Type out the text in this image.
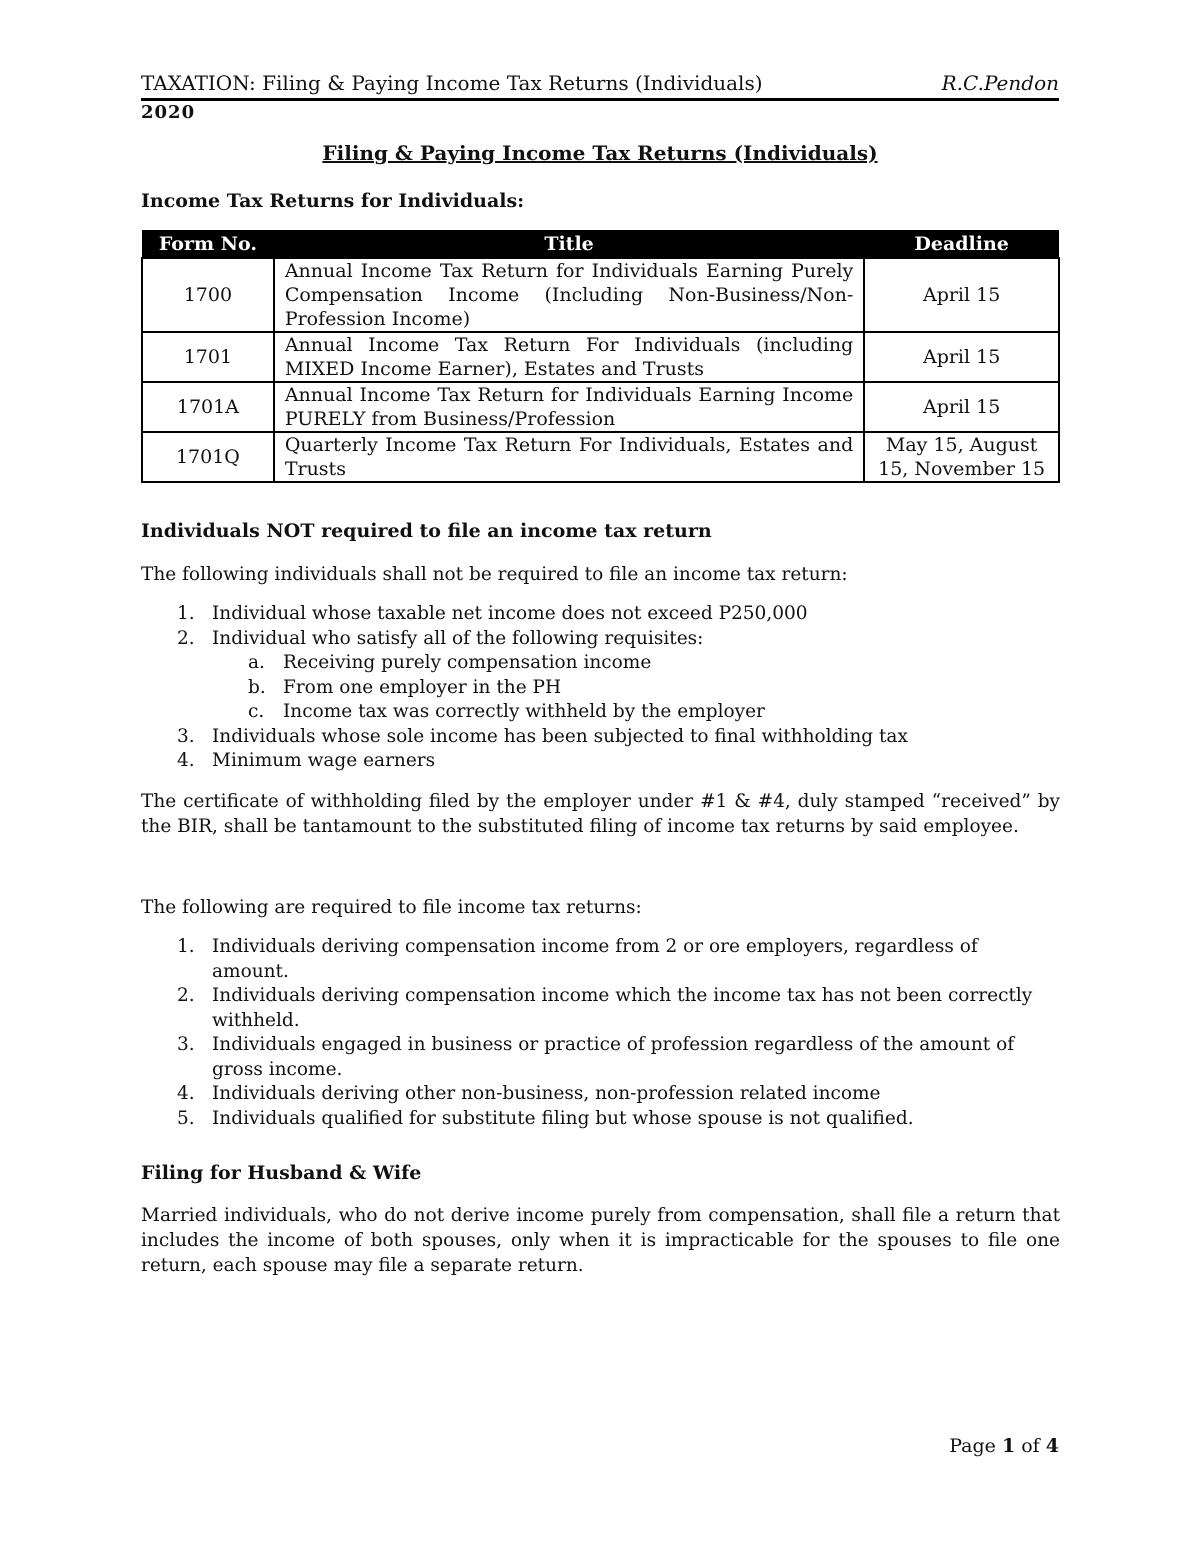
TAXATION: Filing & Paying Income Tax Returns (Individuals)	R.C.Pendon
2020
Filing & Paying Income Tax Returns (Individuals)
Income Tax Returns for Individuals:
Form No.	Title	Deadline
1700	Annual Income Tax Return for Individuals Earning Purely Compensation Income (Including Non-Business/Non-Profession Income)	April 15
1701	Annual Income Tax Return For Individuals (including MIXED Income Earner), Estates and Trusts	April 15
1701A	Annual Income Tax Return for Individuals Earning Income PURELY from Business/Profession	April 15
1701Q	Quarterly Income Tax Return For Individuals, Estates and Trusts	May 15, August 15, November 15
Individuals NOT required to file an income tax return
The following individuals shall not be required to file an income tax return:
1. Individual whose taxable net income does not exceed P250,000
2. Individual who satisfy all of the following requisites:
a. Receiving purely compensation income
b. From one employer in the PH
c. Income tax was correctly withheld by the employer
3. Individuals whose sole income has been subjected to final withholding tax
4. Minimum wage earners
The certificate of withholding filed by the employer under #1 & #4, duly stamped “received” by the BIR, shall be tantamount to the substituted filing of income tax returns by said employee.
The following are required to file income tax returns:
1. Individuals deriving compensation income from 2 or ore employers, regardless of amount.
2. Individuals deriving compensation income which the income tax has not been correctly withheld.
3. Individuals engaged in business or practice of profession regardless of the amount of gross income.
4. Individuals deriving other non-business, non-profession related income
5. Individuals qualified for substitute filing but whose spouse is not qualified.
Filing for Husband & Wife
Married individuals, who do not derive income purely from compensation, shall file a return that includes the income of both spouses, only when it is impracticable for the spouses to file one return, each spouse may file a separate return.
Page 1 of 4
